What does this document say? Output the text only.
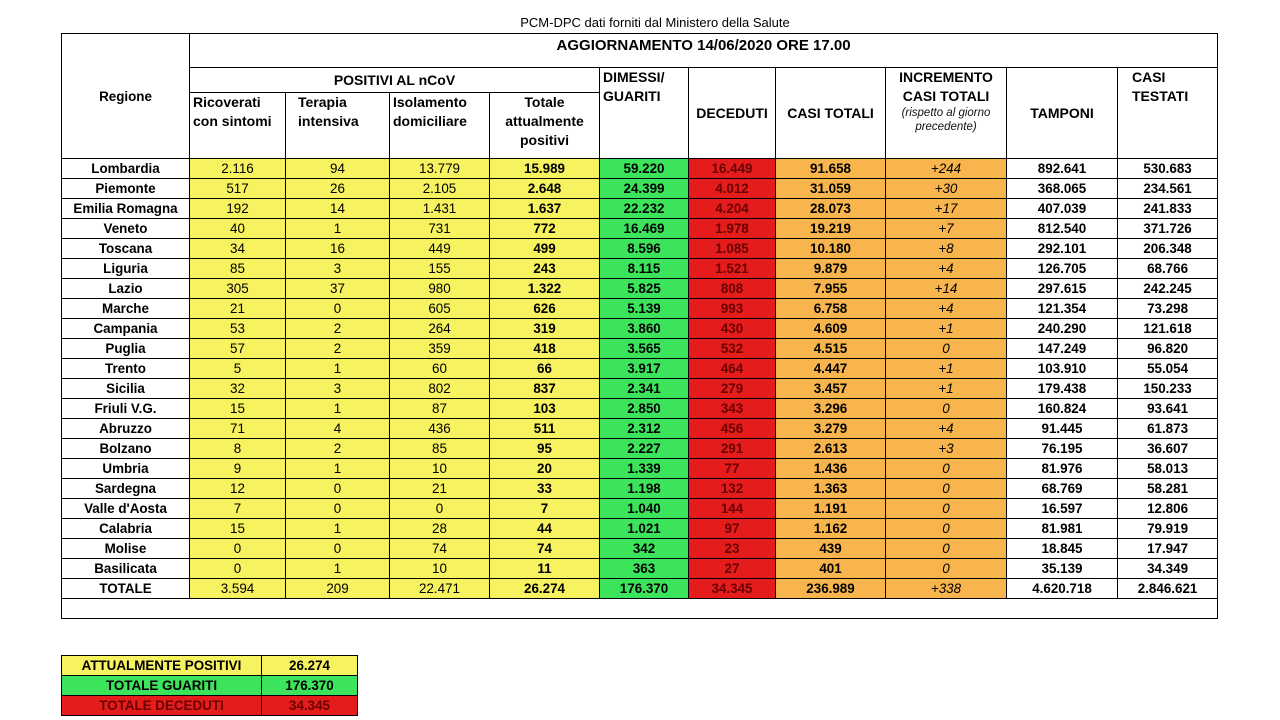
PCM-DPC dati forniti dal Ministero della Salute
Regione	AGGIORNAMENTO 14/06/2020 ORE 17.00									
	POSITIVI AL nCoV				DIMESSI/ GUARITI	DECEDUTI	CASI TOTALI	INCREMENTO CASI TOTALI
(rispetto al giorno precedente)	TAMPONI	CASI TESTATI
	Ricoverati con sintomi	Terapia intensiva	Isolamento domiciliare	Totale attualmente positivi						
Lombardia	2.116	94	13.779	15.989	59.220	16.449	91.658	+244	892.641	530.683
Piemonte	517	26	2.105	2.648	24.399	4.012	31.059	+30	368.065	234.561
Emilia Romagna	192	14	1.431	1.637	22.232	4.204	28.073	+17	407.039	241.833
Veneto	40	1	731	772	16.469	1.978	19.219	+7	812.540	371.726
Toscana	34	16	449	499	8.596	1.085	10.180	+8	292.101	206.348
Liguria	85	3	155	243	8.115	1.521	9.879	+4	126.705	68.766
Lazio	305	37	980	1.322	5.825	808	7.955	+14	297.615	242.245
Marche	21	0	605	626	5.139	993	6.758	+4	121.354	73.298
Campania	53	2	264	319	3.860	430	4.609	+1	240.290	121.618
Puglia	57	2	359	418	3.565	532	4.515	0	147.249	96.820
Trento	5	1	60	66	3.917	464	4.447	+1	103.910	55.054
Sicilia	32	3	802	837	2.341	279	3.457	+1	179.438	150.233
Friuli V.G.	15	1	87	103	2.850	343	3.296	0	160.824	93.641
Abruzzo	71	4	436	511	2.312	456	3.279	+4	91.445	61.873
Bolzano	8	2	85	95	2.227	291	2.613	+3	76.195	36.607
Umbria	9	1	10	20	1.339	77	1.436	0	81.976	58.013
Sardegna	12	0	21	33	1.198	132	1.363	0	68.769	58.281
Valle d'Aosta	7	0	0	7	1.040	144	1.191	0	16.597	12.806
Calabria	15	1	28	44	1.021	97	1.162	0	81.981	79.919
Molise	0	0	74	74	342	23	439	0	18.845	17.947
Basilicata	0	1	10	11	363	27	401	0	35.139	34.349
TOTALE	3.594	209	22.471	26.274	176.370	34.345	236.989	+338	4.620.718	2.846.621

ATTUALMENTE POSITIVI	26.274
TOTALE GUARITI	176.370
TOTALE DECEDUTI	34.345
